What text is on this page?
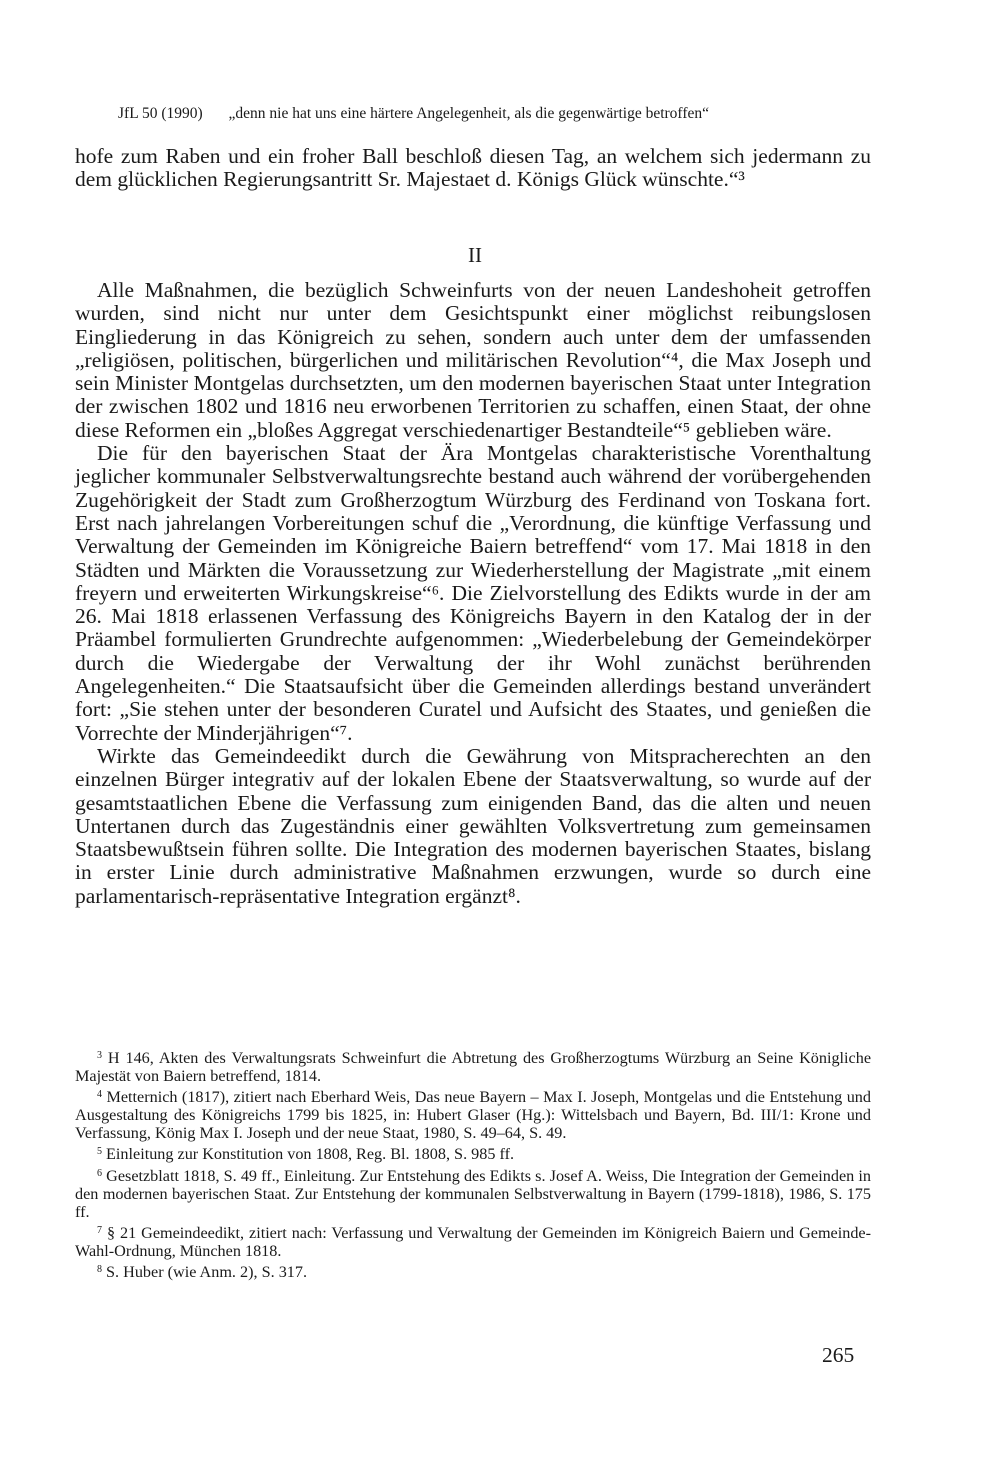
JfL 50 (1990) „denn nie hat uns eine härtere Angelegenheit, als die gegenwärtige betroffen“

hofe zum Raben und ein froher Ball beschloß diesen Tag, an welchem sich jedermann zu dem glücklichen Regierungsantritt Sr. Majestaet d. Königs Glück wünschte.“³

II

Alle Maßnahmen, die bezüglich Schweinfurts von der neuen Landeshoheit getroffen wurden, sind nicht nur unter dem Gesichtspunkt einer möglichst reibungslosen Eingliederung in das Königreich zu sehen, sondern auch unter dem der umfassenden „religiösen, politischen, bürgerlichen und militärischen Revolution“⁴, die Max Joseph und sein Minister Montgelas durchsetzten, um den modernen bayerischen Staat unter Integration der zwischen 1802 und 1816 neu erworbenen Territorien zu schaffen, einen Staat, der ohne diese Reformen ein „bloßes Aggregat verschiedenartiger Bestandteile“⁵ geblieben wäre.

Die für den bayerischen Staat der Ära Montgelas charakteristische Vorenthaltung jeglicher kommunaler Selbstverwaltungsrechte bestand auch während der vorübergehenden Zugehörigkeit der Stadt zum Großherzogtum Würzburg des Ferdinand von Toskana fort. Erst nach jahrelangen Vorbereitungen schuf die „Verordnung, die künftige Verfassung und Verwaltung der Gemeinden im Königreiche Baiern betreffend“ vom 17. Mai 1818 in den Städten und Märkten die Voraussetzung zur Wiederherstellung der Magistrate „mit einem freyern und erweiterten Wirkungskreise“⁶. Die Zielvorstellung des Edikts wurde in der am 26. Mai 1818 erlassenen Verfassung des Königreichs Bayern in den Katalog der in der Präambel formulierten Grundrechte aufgenommen: „Wiederbelebung der Gemeindekörper durch die Wiedergabe der Verwaltung der ihr Wohl zunächst berührenden Angelegenheiten.“ Die Staatsaufsicht über die Gemeinden allerdings bestand unverändert fort: „Sie stehen unter der besonderen Curatel und Aufsicht des Staates, und genießen die Vorrechte der Minderjährigen“⁷.

Wirkte das Gemeindeedikt durch die Gewährung von Mitspracherechten an den einzelnen Bürger integrativ auf der lokalen Ebene der Staatsverwaltung, so wurde auf der gesamtstaatlichen Ebene die Verfassung zum einigenden Band, das die alten und neuen Untertanen durch das Zugeständnis einer gewählten Volksvertretung zum gemeinsamen Staatsbewußtsein führen sollte. Die Integration des modernen bayerischen Staates, bislang in erster Linie durch administrative Maßnahmen erzwungen, wurde so durch eine parlamentarisch-repräsentative Integration ergänzt⁸.

$^3$ H 146, Akten des Verwaltungsrats Schweinfurt die Abtretung des Großherzogtums Würzburg an Seine Königliche Majestät von Baiern betreffend, 1814.

$^4$ Metternich (1817), zitiert nach Eberhard Weis, Das neue Bayern – Max I. Joseph, Montgelas und die Entstehung und Ausgestaltung des Königreichs 1799 bis 1825, in: Hubert Glaser (Hg.): Wittelsbach und Bayern, Bd. III/1: Krone und Verfassung, König Max I. Joseph und der neue Staat, 1980, S. 49–64, S. 49.

$^5$ Einleitung zur Konstitution von 1808, Reg. Bl. 1808, S. 985 ff.

$^6$ Gesetzblatt 1818, S. 49 ff., Einleitung. Zur Entstehung des Edikts s. Josef A. Weiss, Die Integration der Gemeinden in den modernen bayerischen Staat. Zur Entstehung der kommunalen Selbstverwaltung in Bayern (1799-1818), 1986, S. 175 ff.

$^7$ § 21 Gemeindeedikt, zitiert nach: Verfassung und Verwaltung der Gemeinden im Königreich Baiern und Gemeinde-Wahl-Ordnung, München 1818.

$^8$ S. Huber (wie Anm. 2), S. 317.

265
